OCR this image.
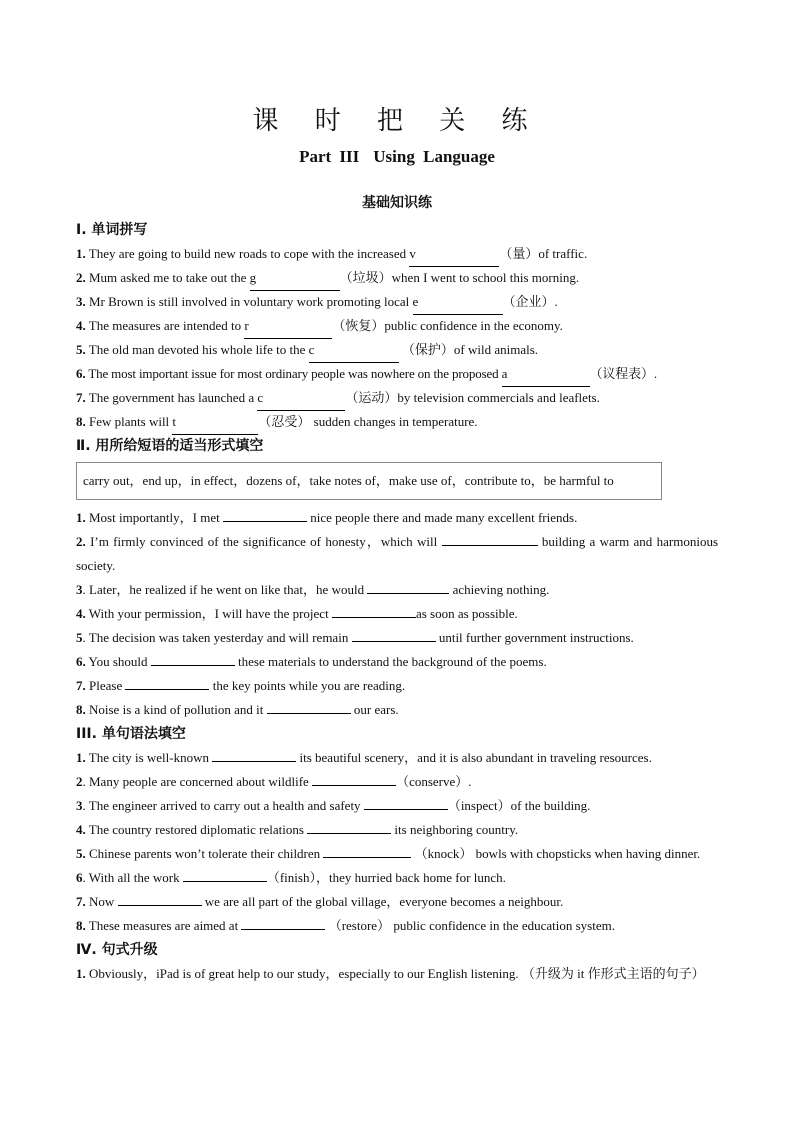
课 时 把 关 练
Part III Using Language
基础知识练
Ⅰ. 单词拼写
1. They are going to build new roads to cope with the increased v	（量）of traffic.
2. Mum asked me to take out the g	（垃圾）when I went to school this morning.
3. Mr Brown is still involved in voluntary work promoting local e	（企业）.
4. The measures are intended to r	（恢复）public confidence in the economy.
5. The old man devoted his whole life to the c	（保护）of wild animals.
6. The most important issue for most ordinary people was nowhere on the proposed a	（议程表）.
7. The government has launched a c	（运动）by television commercials and leaflets.
8. Few plants will t	（忍受） sudden changes in temperature.
Ⅱ. 用所给短语的适当形式填空
carry out，end up，in effect，dozens of，take notes of，make use of，contribute to，be harmful to
1. Most importantly，I met	nice people there and made many excellent friends.
2. I’m firmly convinced of the significance of honesty，which will	building a warm and harmonious society.
3. Later，he realized if he went on like that，he would	achieving nothing.
4. With your permission，I will have the project	as soon as possible.
5. The decision was taken yesterday and will remain	until further government instructions.
6. You should	these materials to understand the background of the poems.
7. Please	the key points while you are reading.
8. Noise is a kind of pollution and it	our ears.
III. 单句语法填空
1. The city is well-known	its beautiful scenery，and it is also abundant in traveling resources.
2. Many people are concerned about wildlife	（conserve）.
3. The engineer arrived to carry out a health and safety	（inspect）of the building.
4. The country restored diplomatic relations	its neighboring country.
5. Chinese parents won’t tolerate their children	（knock） bowls with chopsticks when having dinner.
6. With all the work	（finish），they hurried back home for lunch.
7. Now	we are all part of the global village，everyone becomes a neighbour.
8. These measures are aimed at	（restore） public confidence in the education system.
Ⅳ. 句式升级
1. Obviously，iPad is of great help to our study，especially to our English listening. （升级为 it 作形式主语的句子）
